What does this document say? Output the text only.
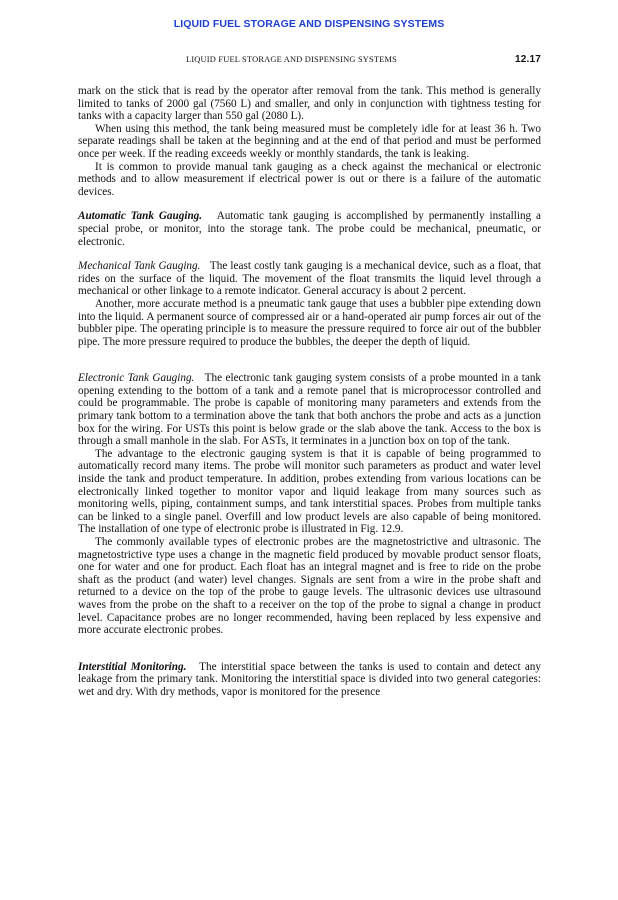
LIQUID FUEL STORAGE AND DISPENSING SYSTEMS
LIQUID FUEL STORAGE AND DISPENSING SYSTEMS	12.17

mark on the stick that is read by the operator after removal from the tank. This method is generally limited to tanks of 2000 gal (7560 L) and smaller, and only in conjunction with tightness testing for tanks with a capacity larger than 550 gal (2080 L).

When using this method, the tank being measured must be completely idle for at least 36 h. Two separate readings shall be taken at the beginning and at the end of that period and must be performed once per week. If the reading exceeds weekly or monthly standards, the tank is leaking.

It is common to provide manual tank gauging as a check against the mechanical or electronic methods and to allow measurement if electrical power is out or there is a failure of the automatic devices.

Automatic Tank Gauging. Automatic tank gauging is accomplished by permanently installing a special probe, or monitor, into the storage tank. The probe could be mechanical, pneumatic, or electronic.

Mechanical Tank Gauging. The least costly tank gauging is a mechanical device, such as a float, that rides on the surface of the liquid. The movement of the float transmits the liquid level through a mechanical or other linkage to a remote indicator. General accuracy is about 2 percent.

Another, more accurate method is a pneumatic tank gauge that uses a bubbler pipe extending down into the liquid. A permanent source of compressed air or a hand-operated air pump forces air out of the bubbler pipe. The operating principle is to measure the pressure required to force air out of the bubbler pipe. The more pressure required to produce the bubbles, the deeper the depth of liquid.

Electronic Tank Gauging. The electronic tank gauging system consists of a probe mounted in a tank opening extending to the bottom of a tank and a remote panel that is microprocessor controlled and could be programmable. The probe is capable of monitoring many parameters and extends from the primary tank bottom to a termination above the tank that both anchors the probe and acts as a junction box for the wiring. For USTs this point is below grade or the slab above the tank. Access to the box is through a small manhole in the slab. For ASTs, it terminates in a junction box on top of the tank.

The advantage to the electronic gauging system is that it is capable of being programmed to automatically record many items. The probe will monitor such parameters as product and water level inside the tank and product temperature. In addition, probes extending from various locations can be electronically linked together to monitor vapor and liquid leakage from many sources such as monitoring wells, piping, containment sumps, and tank interstitial spaces. Probes from multiple tanks can be linked to a single panel. Overfill and low product levels are also capable of being monitored. The installation of one type of electronic probe is illustrated in Fig. 12.9.

The commonly available types of electronic probes are the magnetostrictive and ultrasonic. The magnetostrictive type uses a change in the magnetic field produced by movable product sensor floats, one for water and one for product. Each float has an integral magnet and is free to ride on the probe shaft as the product (and water) level changes. Signals are sent from a wire in the probe shaft and returned to a device on the top of the probe to gauge levels. The ultrasonic devices use ultrasound waves from the probe on the shaft to a receiver on the top of the probe to signal a change in product level. Capacitance probes are no longer recommended, having been replaced by less expensive and more accurate electronic probes.

Interstitial Monitoring. The interstitial space between the tanks is used to contain and detect any leakage from the primary tank. Monitoring the interstitial space is divided into two general categories: wet and dry. With dry methods, vapor is monitored for the presence
